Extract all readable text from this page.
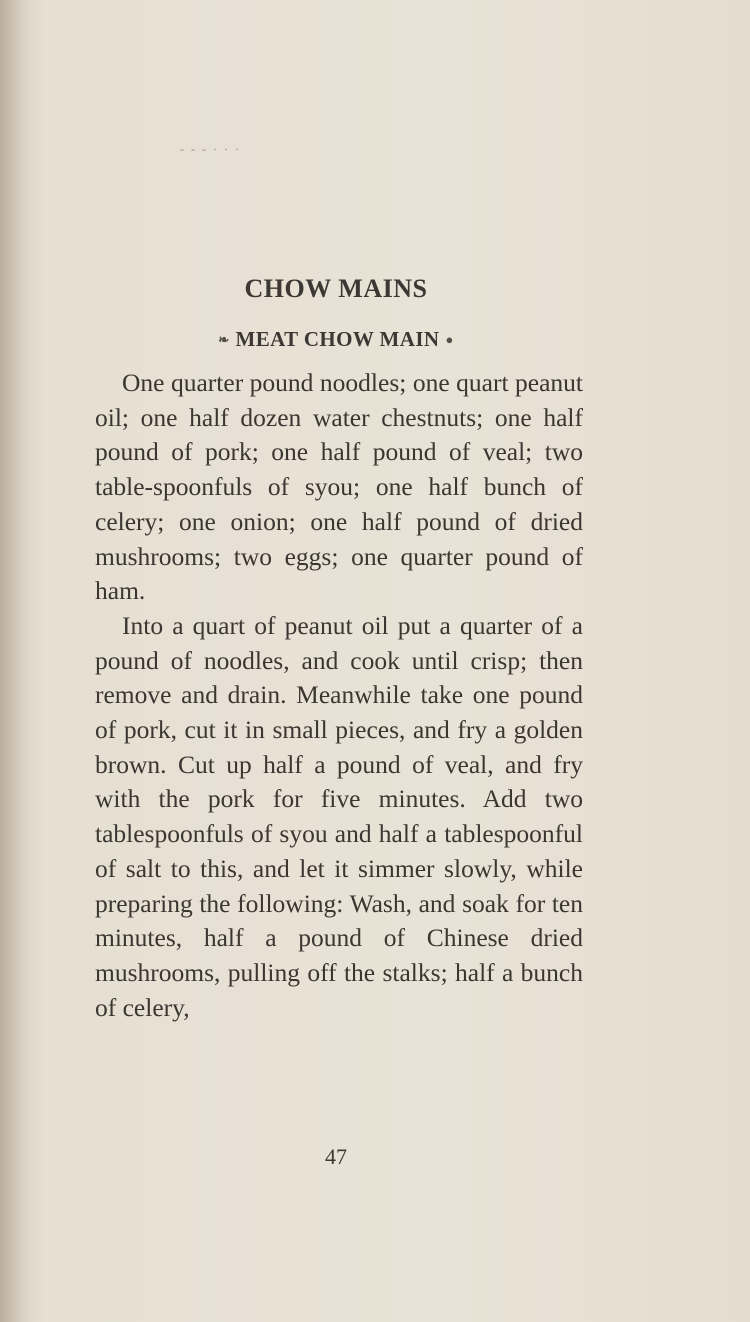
- - - · · ·
CHOW MAINS
❧ MEAT CHOW MAIN ●

One quarter pound noodles; one quart peanut oil; one half dozen water chestnuts; one half pound of pork; one half pound of veal; two table-spoonfuls of syou; one half bunch of celery; one onion; one half pound of dried mushrooms; two eggs; one quarter pound of ham.

Into a quart of peanut oil put a quarter of a pound of noodles, and cook until crisp; then remove and drain. Meanwhile take one pound of pork, cut it in small pieces, and fry a golden brown. Cut up half a pound of veal, and fry with the pork for five minutes. Add two tablespoonfuls of syou and half a tablespoonful of salt to this, and let it simmer slowly, while preparing the following: Wash, and soak for ten minutes, half a pound of Chinese dried mushrooms, pulling off the stalks; half a bunch of celery,

47
